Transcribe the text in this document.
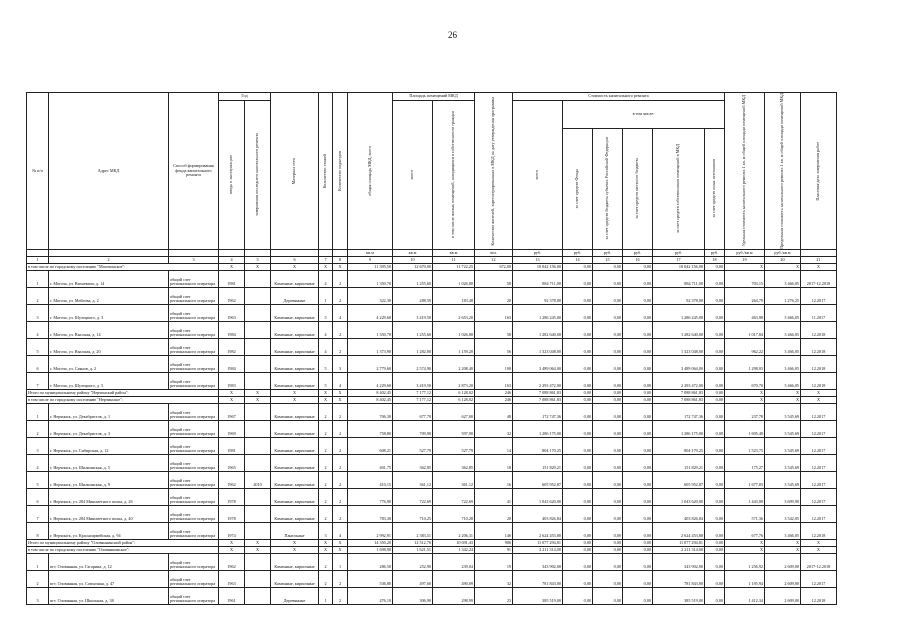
26
№ п/п	Адрес МКД	Способ формирования фонда капитального ремонта	Год		Материал стен	Количество этажей	Количество подъездов	общая площадь МКД, всего	Площадь помещений МКД		Количество жителей, зарегистрированных в МКД на дату утверждения программы	Стоимость капитального ремонта						Удельная стоимость капитального ремонта 1 кв. м общей площади помещений МКД	Предельная стоимость капитального ремонта 1 кв. м общей площади помещений МКД	Плановая дата завершения работ

			ввода в эксплуатацию	завершения последнего капитального ремонта					всего	в том числе жилых помещений, находящихся в собственности граждан		всего	в том числе:							

													за счет средств Фонда	за счет средств бюджета субъекта Российской Федерации	за счет средств местного бюджета	за счет средств собственников помещений в МКД	за счет средств иных источников			

								кв.м	кв.м	кв.м	чел.	руб.	руб.	руб.	руб.	руб.	руб.	руб./кв.м	руб./кв.м	
1	2	3	4	5	6	7	8	9	10	11	12	13	14	15	16	17	18	19	20	21
в том числе по городскому поселению "Магочинское":			X	X	X	X	X	11 395,50	12 670,00	11 722,25	672,00	10 042 156,00	0,00	0,00	0,00	10 042 156,00	0,00	X	X	X
1	г. Могоча, ул. Вихаевича, д. 14	общий счет регионального оператора	1981		Каменные, кирпичные	4	2	1 350,70	1 255,60	1 026,80	58	884 711,00	0,00	0,00	0,00	884 711,00	0,00	703,15	3 466,05	2017-12.2018
2	г. Могоча, ул. Мейсова, д. 2	общий счет регионального оператора	1962		Деревянные	1	2	322,30	288,59	183,48	20	92 378,00	0,00	0,00	0,00	92 378,00	0,00	264,79	1 276,25	12.2017
3	г. Могоча, ул. Шулецкого, д. 3	общий счет регионального оператора	1963		Каменные, кирпичные	5	4	4 229,60	3 419,50	2 653,20	163	1 286 245,00	0,00	0,00	0,00	1 286 245,00	0,00	463,98	3 466,05	11.2017
4	г. Могоча, ул. Высокая, д. 14	общий счет регионального оператора	1984		Каменные, кирпичные	4	2	1 350,70	1 255,60	1 026,80	58	1 282 640,00	0,00	0,00	0,00	1 282 640,00	0,00	1 017,84	3 466,05	12.2018
5	г. Могоча, ул. Высокая, д. 20	общий счет регионального оператора	1982		Каменные, кирпичные	4	2	1 373,90	1 282,00	1 159,20	56	1 323 048,00	0,00	0,00	0,00	1 323 048,00	0,00	962,22	3 466,05	12.2018
6	г. Могоча, ул. Саянов, д. 2	общий счет регионального оператора	1984		Каменные, кирпичные	5	3	2 779,60	2 574,90	2 208,40	100	3 489 064,00	0,00	0,00	0,00	3 489 064,00	0,00	1 298,03	3 466,05	12.2018
7	г. Могоча, ул. Шулецкого, д. 5	общий счет регионального оператора	1983		Каменные, кирпичные	5	4	4 229,60	3 419,50	2 873,20	163	2 293 472,00	0,00	0,00	0,00	2 293 472,00	0,00	670,70	3 466,05	12.2018
Итого по муниципальному району "Нерчинский район":			X	X	X	X	X	8 402,45	7 177,12	6 128,02	246	7 088 861,83	0,00	0,00	0,00	7 088 861,83	0,00	X	X	X
в том числе по городскому поселению "Нерчинское":			X	X	X	X	X	8 402,45	7 177,12	6 128,02	246	7 088 861,83	0,00	0,00	0,00	7 088 861,83	0,00	X	X	X
1	г. Нерчинск, ул. Декабристов, д. 1	общий счет регионального оператора	1967		Каменные, кирпичные	2	2	706,30	677,70	627,00	48	172 747,36	0,00	0,00	0,00	172 747,36	0,00	237,78	3 545,69	12.2017
2	г. Нерчинск, ул. Декабристов, д. 3	общий счет регионального оператора	1969		Каменные, кирпичные	2	2	758,80	709,90	597,90	32	1 286 175,00	0,00	0,00	0,00	1 286 175,00	0,00	1 695,40	3 545,69	12.2017
3	г. Нерчинск, ул. Сибирская, д. 12	общий счет регионального оператора	1981		Каменные, кирпичные	2	2	608,21	527,79	527,79	14	804 170,25	0,00	0,00	0,00	804 170,25	0,00	1 523,75	3 545,69	12.2017
4	г. Нерчинск, ул. Шилкинская, д. 5	общий счет регионального оператора	1965		Каменные, кирпичные	2	2	401,75	362,85	362,85	18	151 829,21	0,00	0,00	0,00	151 829,21	0,00	175,27	3 545,69	12.2017
5	г. Нерчинск, ул. Шилкинская, д. 9	общий счет регионального оператора	1962	2010	Каменные, кирпичные	2	2	410,15	361,12	361,12	16	605 952,87	0,00	0,00	0,00	605 952,87	0,00	1 677,83	3 545,69	12.2017
6	г. Нерчинск, ул. 284 Минометного полка, д. 26	общий счет регионального оператора	1978		Каменные, кирпичные	2	2	776,90	722,69	722,69	41	1 043 620,00	0,00	0,00	0,00	1 043 620,00	0,00	1 443,08	3 699,90	12.2017
7	г. Нерчинск, ул. 284 Минометного полка, д. 40	общий счет регионального оператора	1978		Каменные, кирпичные	2	2	783,30	710,25	710,28	20	403 826,84	0,00	0,00	0,00	403 826,84	0,00	571,36	3 542,05	12.2017
8	г. Нерчинск, ул. Красноармейская, д. 94	общий счет регионального оператора	1974		Панельные	3	4	2 992,91	2 383,51	2 206,31	146	2 624 453,80	0,00	0,00	0,00	2 624 453,80	0,00	677,76	3 466,05	12.2018
Итого по муниципальному району "Оловяннинский район":			X	X	X	X	X	14 350,20	12 512,76	10 691,43	906	11 077 294,81	0,00	0,00	0,00	11 077 294,81	0,00	X	X	X
в том числе по городскому поселению "Оловяннинское":			X	X	X	X	X	1 698,90	1 621,51	1 342,24	91	2 211 314,00	0,00	0,00	0,00	2 211 314,00	0,00	X	X	X
1	пгт. Оловянная, ул. Гагарина, д. 12	общий счет регионального оператора	1962		Каменные, кирпичные	2	1	286,50	252,90	239,04	19	343 902,00	0,00	0,00	0,00	343 902,00	0,00	1 256,92	2 609,00	2017-12.2018
2	пгт. Оловянная, ул. Совхозная, д. 47	общий счет регионального оператора	1963		Каменные, кирпичные	2	2	536,80	497,60	490,09	32	781 843,00	0,00	0,00	0,00	781 843,00	0,00	1 195,94	2 609,00	12.2017
3	пгт. Оловянная, ул. Школьная, д. 38	общий счет регионального оператора	1961		Деревянные	1	2	476,10	306,90	298,99	23	385 519,00	0,00	0,00	0,00	385 519,00	0,00	1 412,34	2 609,00	12.2018
